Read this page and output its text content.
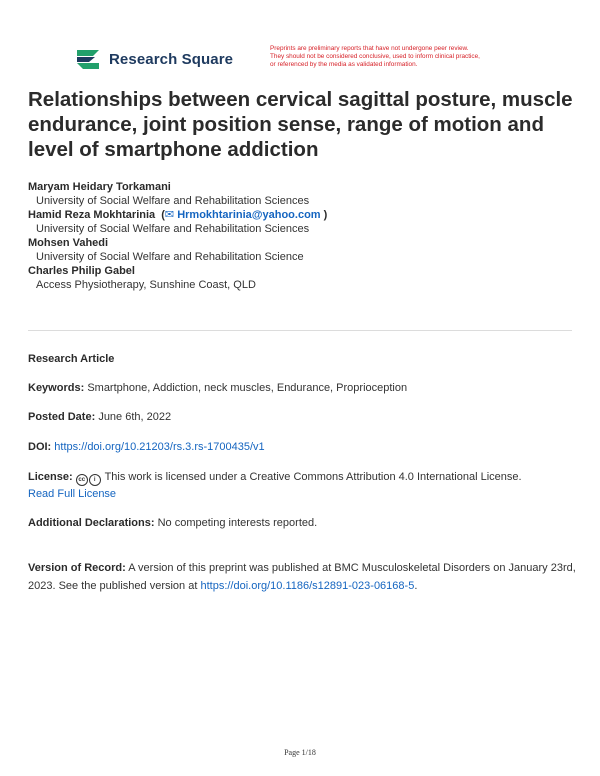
Research Square
Preprints are preliminary reports that have not undergone peer review.
They should not be considered conclusive, used to inform clinical practice,
or referenced by the media as validated information.
Relationships between cervical sagittal posture, muscle endurance, joint position sense, range of motion and level of smartphone addiction
Maryam Heidary Torkamani
University of Social Welfare and Rehabilitation Sciences
Hamid Reza Mokhtarinia  (✉ Hrmokhtarinia@yahoo.com )
University of Social Welfare and Rehabilitation Sciences
Mohsen Vahedi
University of Social Welfare and Rehabilitation Science
Charles Philip Gabel
Access Physiotherapy, Sunshine Coast, QLD
Research Article
Keywords: Smartphone, Addiction, neck muscles, Endurance, Proprioception
Posted Date: June 6th, 2022
DOI: https://doi.org/10.21203/rs.3.rs-1700435/v1
License: cc i This work is licensed under a Creative Commons Attribution 4.0 International License.
Read Full License
Additional Declarations: No competing interests reported.
Version of Record: A version of this preprint was published at BMC Musculoskeletal Disorders on January 23rd, 2023. See the published version at https://doi.org/10.1186/s12891-023-06168-5.
Page 1/18
